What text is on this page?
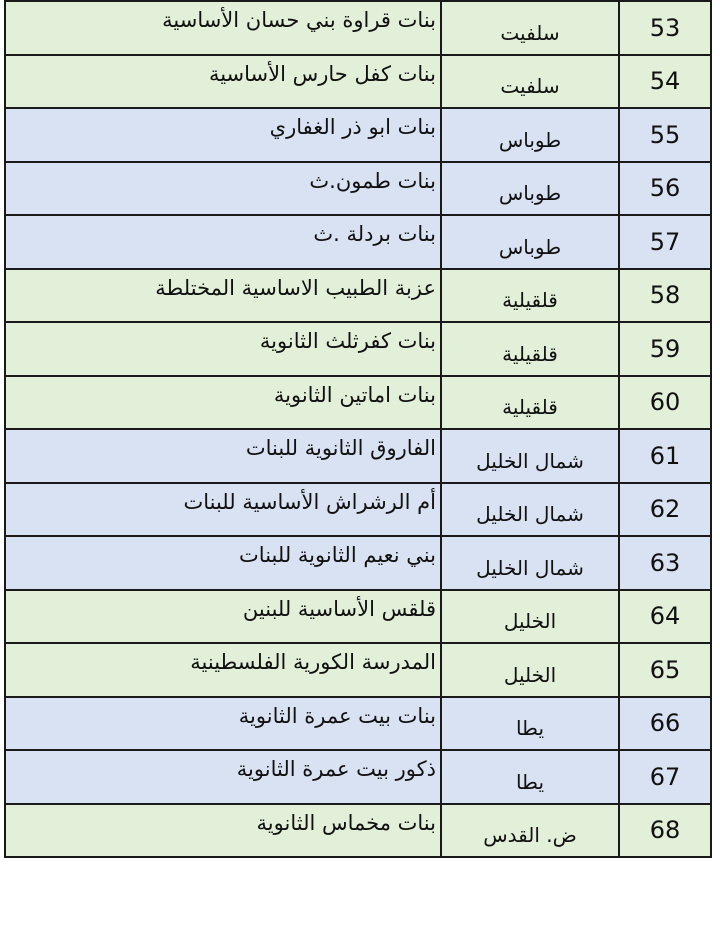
بنات قراوة بني حسان الأساسية	سلفيت	53
بنات كفل حارس الأساسية	سلفيت	54
بنات ابو ذر الغفاري	طوباس	55
بنات طمون.ث	طوباس	56
بنات بردلة .ث	طوباس	57
عزبة الطبيب الاساسية المختلطة	قلقيلية	58
بنات كفرثلث الثانوية	قلقيلية	59
بنات اماتين الثانوية	قلقيلية	60
الفاروق الثانوية للبنات	شمال الخليل	61
أم الرشراش الأساسية للبنات	شمال الخليل	62
بني نعيم الثانوية للبنات	شمال الخليل	63
قلقس الأساسية للبنين	الخليل	64
المدرسة الكورية الفلسطينية	الخليل	65
بنات بيت عمرة الثانوية	يطا	66
ذكور بيت عمرة الثانوية	يطا	67
بنات مخماس الثانوية	ض. القدس	68
